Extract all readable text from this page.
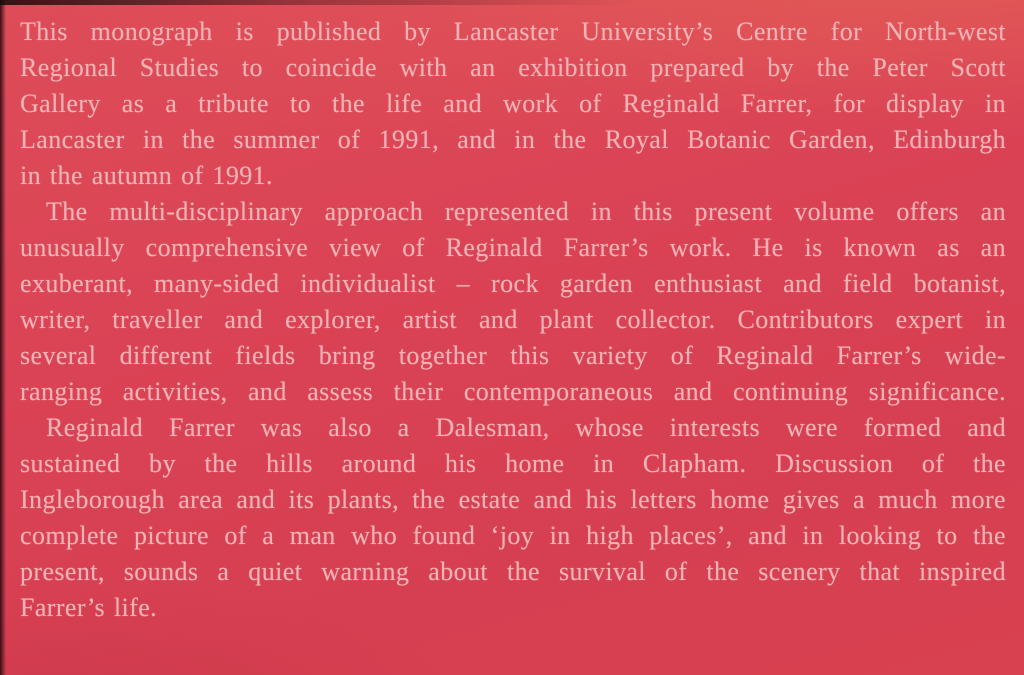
This monograph is published by Lancaster University’s Centre for North-west
Regional Studies to coincide with an exhibition prepared by the Peter Scott
Gallery as a tribute to the life and work of Reginald Farrer, for display in
Lancaster in the summer of 1991, and in the Royal Botanic Garden, Edinburgh
in the autumn of 1991.
The multi-disciplinary approach represented in this present volume offers an
unusually comprehensive view of Reginald Farrer’s work. He is known as an
exuberant, many-sided individualist – rock garden enthusiast and field botanist,
writer, traveller and explorer, artist and plant collector. Contributors expert in
several different fields bring together this variety of Reginald Farrer’s wide-
ranging activities, and assess their contemporaneous and continuing significance.
Reginald Farrer was also a Dalesman, whose interests were formed and
sustained by the hills around his home in Clapham. Discussion of the
Ingleborough area and its plants, the estate and his letters home gives a much more
complete picture of a man who found ‘joy in high places’, and in looking to the
present, sounds a quiet warning about the survival of the scenery that inspired
Farrer’s life.
